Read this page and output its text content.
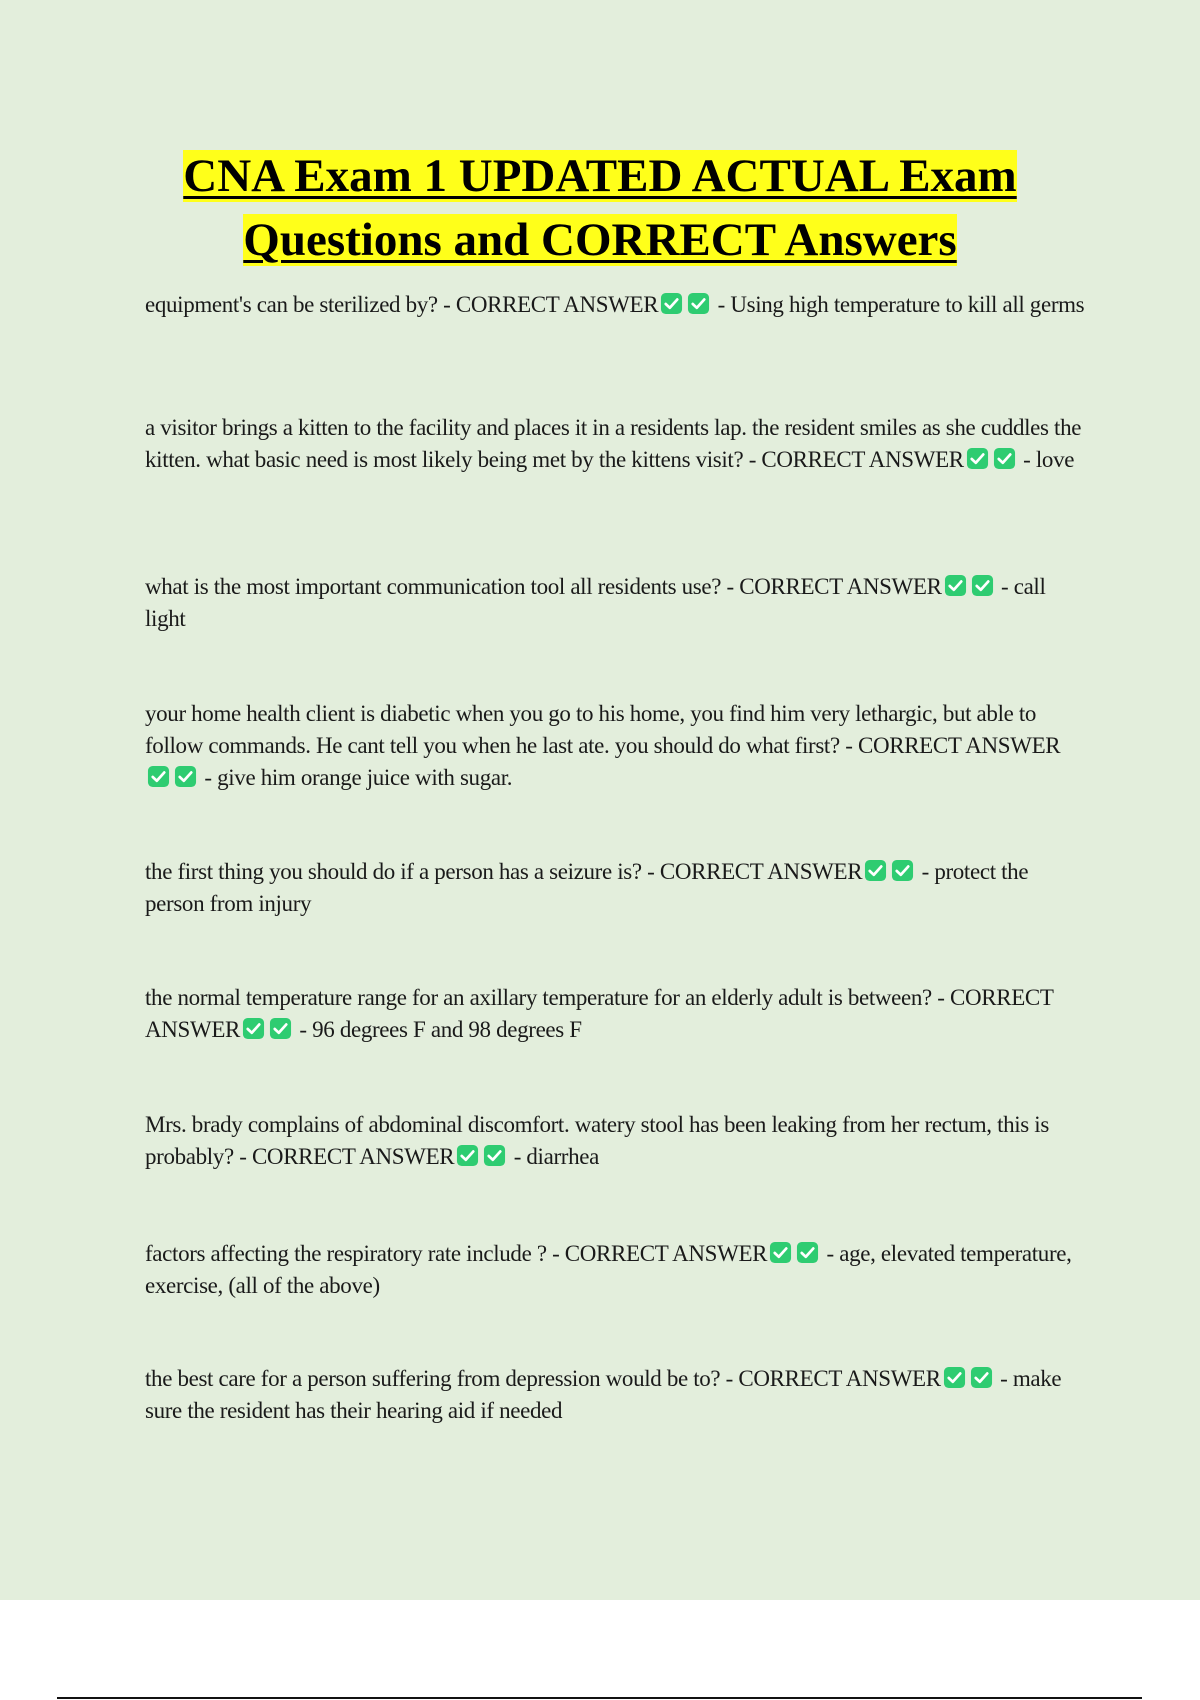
CNA Exam 1 UPDATED ACTUAL Exam Questions and CORRECT Answers
equipment's can be sterilized by? - CORRECT ANSWER
- Using high temperature to kill all germs
a visitor brings a kitten to the facility and places it in a residents lap. the resident smiles as she cuddles the kitten. what basic need is most likely being met by the kittens visit? - CORRECT ANSWER
- love
what is the most important communication tool all residents use? - CORRECT ANSWER
- call light
your home health client is diabetic when you go to his home, you find him very lethargic, but able to follow commands. He cant tell you when he last ate. you should do what first? - CORRECT ANSWER
- give him orange juice with sugar.
the first thing you should do if a person has a seizure is? - CORRECT ANSWER
- protect the person from injury
the normal temperature range for an axillary temperature for an elderly adult is between? - CORRECT ANSWER
- 96 degrees F and 98 degrees F
Mrs. brady complains of abdominal discomfort. watery stool has been leaking from her rectum, this is probably? - CORRECT ANSWER
- diarrhea
factors affecting the respiratory rate include ? - CORRECT ANSWER
- age, elevated temperature, exercise, (all of the above)
the best care for a person suffering from depression would be to? - CORRECT ANSWER
- make sure the resident has their hearing aid if needed
